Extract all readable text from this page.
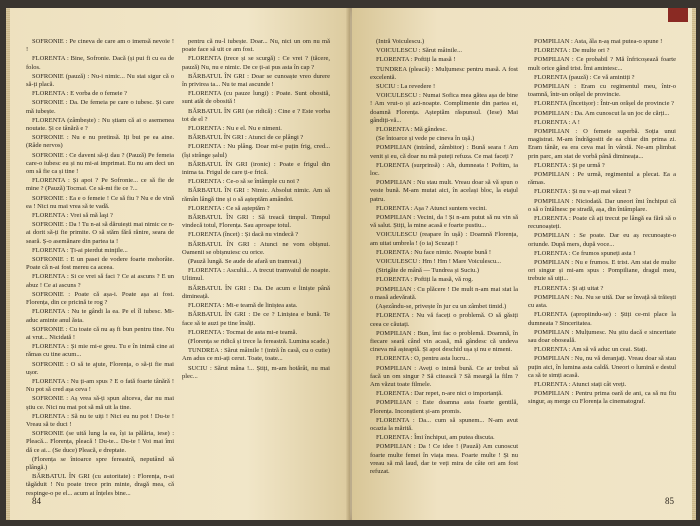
SOFRONIE : Pe cineva de care am o imensă nevoie ! !

FLORENTA : Bine, Sofronie. Dacă (și pui fi cu ea de folos.

SOFRONIE (pauză) : Nu-i nimic... Nu stai sigur că o să-ți placă.

FLORENTA : E vorba de o femeie ?

SOFRONIE : Da. De femeia pe care o iubesc. Și care mă iubește.

FLORENTA (zâmbește) : Nu știam că ai o asemenea noutate. Și ce tânără e ?

SOFRONIE : Nu e nu pretinsă. Iți bui pe ea aine. (Râde nervos)

SOFRONIE : Ce daveni să-ți dau ? (Pauză) Pe femeia care-o iubesc eu și nu mi-ai imprimat. Eu nu am deci un om să fie ca și tine !

FLORENTA : Și apoi ? Pe Sofronie... ce să fie de mine ? (Pauză) Tocmai. Ce să-mi fie ce ?...

SOFRONIE : Ea e o femeie ! Ce să fiu ? Nu e de vină ea ! Nici nu mai vrea să te vadă.

FLORENTA : Vrei să mă laşi ?

SOFRONIE : Da ! Tu n-ai să dăruiești mai nimic ce n-ai dorit să-ți fie primite. O să stăm fără rănire, seara de seară. Ș-o asemănare din partea ta !

FLORENTA : Ți-ai pierdut mințile...

SOFRONIE : E un pasei de vodere foarte mohorâte. Poate că n-ai fost mereu ca aceea.

FLORENTA : Si ce vrei să faci ? Ce ai ascuns ? E un abuz ! Ce ai ascuns ?

SOFRONIE : Poate că așa-i. Poate așa ai fost. Florența, din ce pricină te rog ?

FLORENTA : Nu te gândi la ea. Pe el îl iubesc. Mi-aduc aminte anul ăsta.

SOFRONIE : Cu toate că nu aș fi bun pentru tine. Nu ai vrut... Nicidată !

FLORENTA : Și mie mi-e greu. Tu e în inimă cine ai rămas cu tine acum...

SOFRONIE : O să te ajute, Florența, o să-ți fie mai ușor.

FLORENTA : Nu ți-am spus ? E o fată foarte tânără ! Nu pot să cred așa ceva !

SOFRONIE : Aș vrea să-ți spun altceva, dar nu mai știu ce. Nici nu mai pot să mă uit la tine.

FLORENTA : Să nu te uiți ! Nici eu nu pot ! Du-te ! Vreau să te duci !

SOFRONIE (se uită lung la ea, își ia pălăria, iese) : Pleacă... Florența, pleacă ! Du-te... Du-te ! Voi mai îmi dă ce ai... (Se duce) Pleacă, e dreptate.

(Florența se întoarce spre fereastră, neputând să plângă.)

BĂRBATUL ÎN GRI (cu autoritate) : Florența, n-ai tăgăduit ! Nu poate trece prin minte, dragă mea, că respinge-o pe el... acum ai înțeles bine...

pentru că nu-l iubește. Doar... Nu, nici un om nu mă poate face să uit ce am fost.

FLORENTA (trece și se scurgă) : Ce vrei ? (tăcere, pauză) Nu, nu e nimic. De ce ți-ai pus asta în cap ?

BĂRBATUL ÎN GRI : Doar se cunoaște vreo durere în privirea ta... Nu te mai ascunde !

FLORENTA (cu pauze lungi) : Poate. Sunt obosită, sunt atât de obosită !

BĂRBATUL ÎN GRI (se ridică) : Cine e ? Este vorba tot de el ?

FLORENTA : Nu e el. Nu e nimeni.

BĂRBATUL ÎN GRI : Atunci de ce plângi ?

FLORENTA : Nu plâng. Doar mi-e puțin frig, cred... (își strânge șalul)

BĂRBATUL ÎN GRI (ironic) : Poate e frigul din inima ta. Frigul de care ți-e frică.

FLORENTA : Ce-o să se întâmple cu noi ?

BĂRBATUL ÎN GRI : Nimic. Absolut nimic. Am să rămân lângă tine și o să așteptăm amândoi.

FLORENTA : Ce să așteptăm ?

BĂRBATUL ÎN GRI : Să treacă timpul. Timpul vindecă totul, Florența. Sau aproape totul.

FLORENTA (încet) : Și dacă nu vindecă ?

BĂRBATUL ÎN GRI : Atunci ne vom obișnui. Oamenii se obișnuiesc cu orice.

(Pauză lungă. Se aude de afară un tramvai.)

FLORENTA : Ascultă... A trecut tramvaiul de noapte. Ultimul.

BĂRBATUL ÎN GRI : Da. De acum e liniște până dimineață.

FLORENTA : Mi-e teamă de liniștea asta.

BĂRBATUL ÎN GRI : De ce ? Liniștea e bună. Te face să te auzi pe tine însăți.

FLORENTA : Tocmai de asta mi-e teamă.

(Florența se ridică și trece la fereastră. Lumina scade.)

TUNDREA : Sărut mâinile ! (intră în casă, cu o cutie) Am adus ce mi-ați cerut. Toate, toate...

SUCIU : Sărut mâna !... Știți, m-am hotărât, nu mai plec...

84

(Intră Voiculescu.)

VOICULESCU : Sărut mâinile...

FLORENTA : Poftiți la masă !

TUNDREA (pleacă) : Mulțumesc pentru masă. A fost excelentă.

SUCIU : La revedere !

VOICULESCU : Numai Sofica mea gătea așa de bine ! Am vrut-o și azi-noapte. Complimente din partea ei, doamnă Florența. Așteptăm răspunsul. (Iese) Mai gândiți-vă...

FLORENTA : Mă gândesc.

(Se întoarce și vede pe cineva în ușă.)

POMPILIAN (intrând, zâmbitor) : Bună seara ! Am venit și eu, că doar nu mă puteți refuza. Ce mai faceți ?

FLORENTA (surprinsă) : Ah, dumneata ! Poftim, ia loc.

POMPILIAN : Nu stau mult. Vreau doar să vă spun o veste bună. M-am mutat aici, în același bloc, la etajul patru.

FLORENTA : Așa ? Atunci suntem vecini.

POMPILIAN : Vecini, da ! Și n-am putut să nu vin să vă salut. Știți, la mine acasă e foarte pustiu...

VOICULESCU (reapare în ușă) : Doamnă Florența, am uitat umbrela ! (o ia) Scuzați !

FLORENTA : Nu face nimic. Noapte bună !

VOICULESCU : Hm ! Hm ! Mare Voiculescu...

(Strigăte de mână — Tundrea și Suciu.)

FLORENTA : Poftiți la masă, vă rog.

POMPILIAN : Cu plăcere ! De mult n-am mai stat la o masă adevărată.

(Așezându-se, privește în jur cu un zâmbet timid.)

FLORENTA : Nu vă faceți o problemă. O să găsiți ceea ce căutați.

POMPILIAN : Bun, îmi fac o problemă. Doamnă, în fiecare seară când vin acasă, mă gândesc că undeva cineva mă așteaptă. Și apoi deschid ușa și nu e nimeni.

FLORENTA : O, pentru asta lucru...

POMPILIAN : Aveți o inimă bună. Ce ar trebui să facă un om singur ? Să citească ? Să meargă la film ? Am văzut toate filmele.

FLORENTA : Dar repet, n-are nici o importanță.

POMPILIAN : Este doamna asta foarte gentilă, Florența. Inconștient și-am promis.

FLORENTA : Da... cum să spunem... N-am avut ocazia la mărită.

FLORENTA : Îmi închipui, am putea discuta.

POMPILIAN : Da ! Ce idee ! (Pauză) Am cunoscut foarte multe femei în viața mea. Foarte multe ! Și nu vreau să mă laud, dar te veți mira de câte ori am fost refuzat.

POMPILIAN : Asta, ăla n-aș mai putea-o spune !

FLORENTA : De multe ori ?

POMPILIAN : Ce probabil ? Mă înfricoșează foarte mult orice gând trist. Îmi amintesc...

FLORENTA (pauză) : Ce vă amintiți ?

POMPILIAN : Eram cu regimentul meu, într-o toamnă, într-un orășel de provincie.

FLORENTA (încetișor) : Într-un orășel de provincie ?

POMPILIAN : Da. Am cunoscut la un joc de cărți...

FLORENTA : A !

POMPILIAN : O femeie superbă. Soția unui magistrat. M-am îndrăgostit de ea chiar din prima zi. Eram tânăr, ea era ceva mai în vârstă. Ne-am plimbat prin parc, am stat de vorbă până dimineața...

FLORENTA : Și pe urmă ?

POMPILIAN : Pe urmă, regimentul a plecat. Ea a rămas.

FLORENTA : Și nu v-ați mai văzut ?

POMPILIAN : Niciodată. Dar uneori îmi închipui că o să o întâlnesc pe stradă, așa, din întâmplare.

FLORENTA : Poate că ați trecut pe lângă ea fără să o recunoașteți.

POMPILIAN : Se poate. Dar eu aș recunoaște-o oriunde. După mers, după voce...

FLORENTA : Ce frumos spuneți asta !

POMPILIAN : Nu e frumos. E trist. Am stat de multe ori singur și mi-am spus : Pompiliane, dragul meu, trebuie să uiți...

FLORENTA : Și ați uitat ?

POMPILIAN : Nu. Nu se uită. Dar se învață să trăiești cu asta.

FLORENTA (apropiindu-se) : Știți ce-mi place la dumneata ? Sinceritatea.

POMPILIAN : Mulțumesc. Nu știu dacă e sinceritate sau doar oboseală.

FLORENTA : Am să vă aduc un ceai. Stați.

POMPILIAN : Nu, nu vă deranjați. Vreau doar să stau puțin aici, în lumina asta caldă. Uneori o lumină e destul ca să te simți acasă.

FLORENTA : Atunci stați cât vreți.

POMPILIAN : Pentru prima oară de ani, ca să nu fiu singur, aș merge cu Florența la cinematograf.

85
